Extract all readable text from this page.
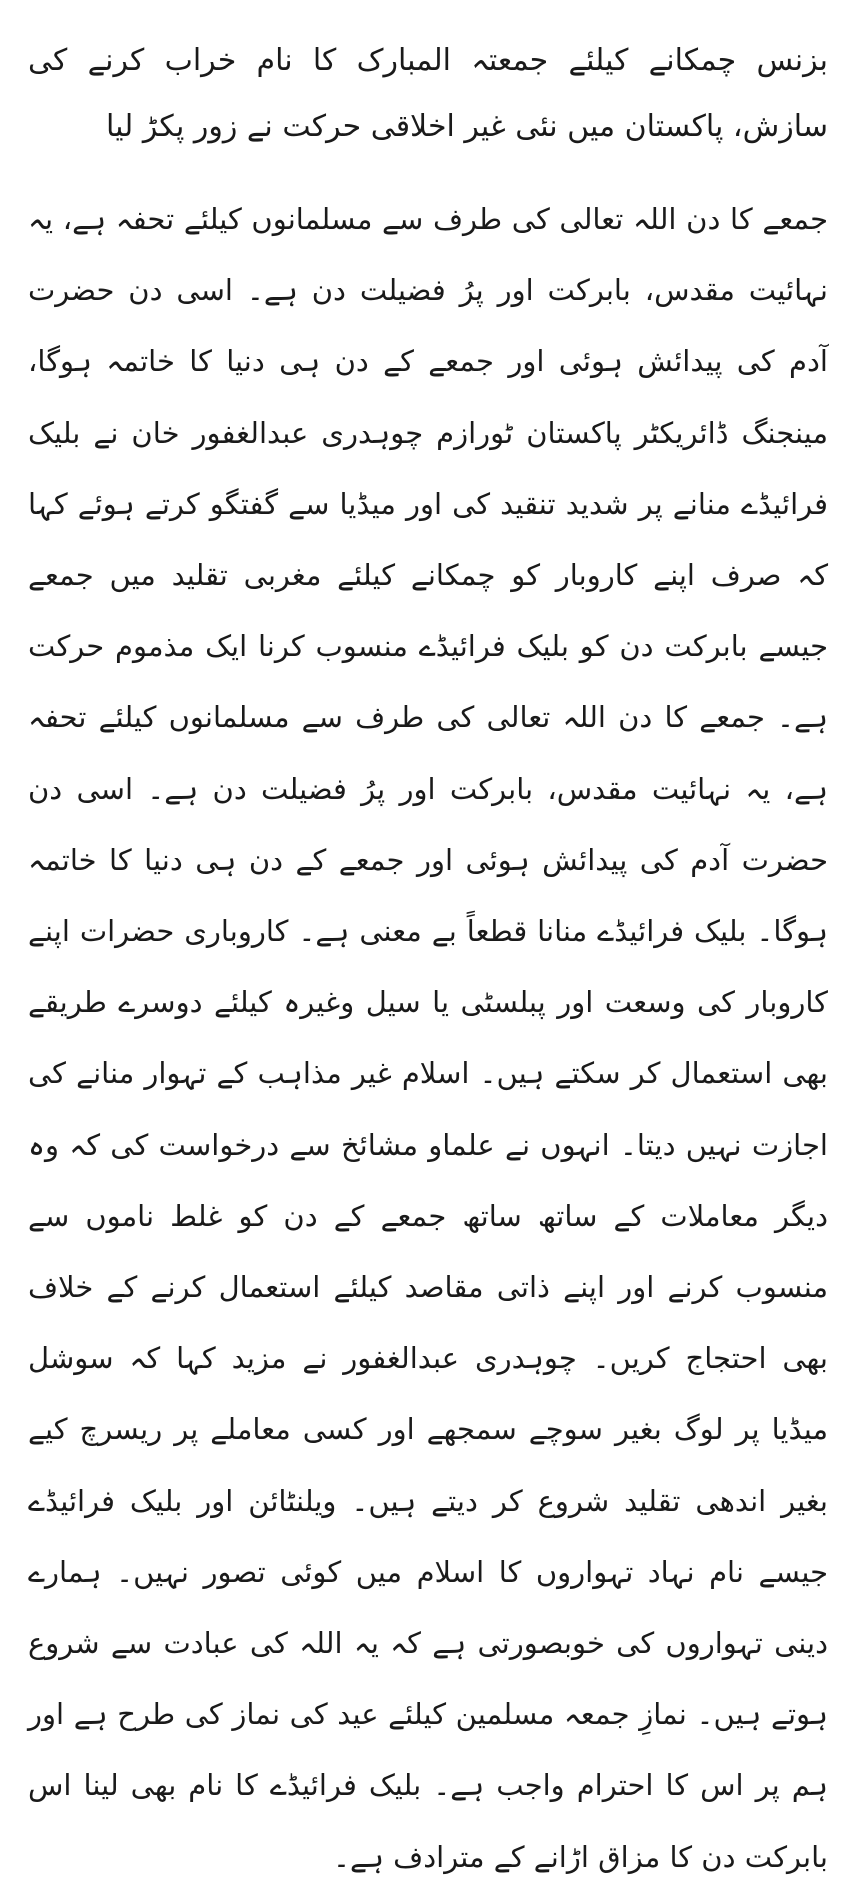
بزنس چمکانے کیلئے جمعتہ المبارک کا نام خراب کرنے کی سازش، پاکستان میں نئی غیر اخلاقی حرکت نے زور پکڑ لیا

جمعے کا دن اللہ تعالی کی طرف سے مسلمانوں کیلئے تحفہ ہے، یہ نہائیت مقدس، بابرکت اور پرُ فضیلت دن ہے۔ اسی دن حضرت آدم کی پیدائش ہوئی اور جمعے کے دن ہی دنیا کا خاتمہ ہوگا، مینجنگ ڈائریکٹر پاکستان ٹورازم چوہدری عبدالغفور خان نے بلیک فرائیڈے منانے پر شدید تنقید کی اور میڈیا سے گفتگو کرتے ہوئے کہا کہ صرف اپنے کاروبار کو چمکانے کیلئے مغربی تقلید میں جمعے جیسے بابرکت دن کو بلیک فرائیڈے منسوب کرنا ایک مذموم حرکت ہے۔ جمعے کا دن اللہ تعالی کی طرف سے مسلمانوں کیلئے تحفہ ہے، یہ نہائیت مقدس، بابرکت اور پرُ فضیلت دن ہے۔ اسی دن حضرت آدم کی پیدائش ہوئی اور جمعے کے دن ہی دنیا کا خاتمہ ہوگا۔ بلیک فرائیڈے منانا قطعاً بے معنی ہے۔ کاروباری حضرات اپنے کاروبار کی وسعت اور پبلسٹی یا سیل وغیرہ کیلئے دوسرے طریقے بھی استعمال کر سکتے ہیں۔ اسلام غیر مذاہب کے تہوار منانے کی اجازت نہیں دیتا۔ انہوں نے علماو مشائخ سے درخواست کی کہ وہ دیگر معاملات کے ساتھ ساتھ جمعے کے دن کو غلط ناموں سے منسوب کرنے اور اپنے ذاتی مقاصد کیلئے استعمال کرنے کے خلاف بھی احتجاج کریں۔ چوہدری عبدالغفور نے مزید کہا کہ سوشل میڈیا پر لوگ بغیر سوچے سمجھے اور کسی معاملے پر ریسرچ کیے بغیر اندھی تقلید شروع کر دیتے ہیں۔ ویلنٹائن اور بلیک فرائیڈے جیسے نام نہاد تہواروں کا اسلام میں کوئی تصور نہیں۔ ہمارے دینی تہواروں کی خوبصورتی ہے کہ یہ اللہ کی عبادت سے شروع ہوتے ہیں۔ نمازِ جمعہ مسلمین کیلئے عید کی نماز کی طرح ہے اور ہم پر اس کا احترام واجب ہے۔ بلیک فرائیڈے کا نام بھی لینا اس بابرکت دن کا مزاق اڑانے کے مترادف ہے۔
